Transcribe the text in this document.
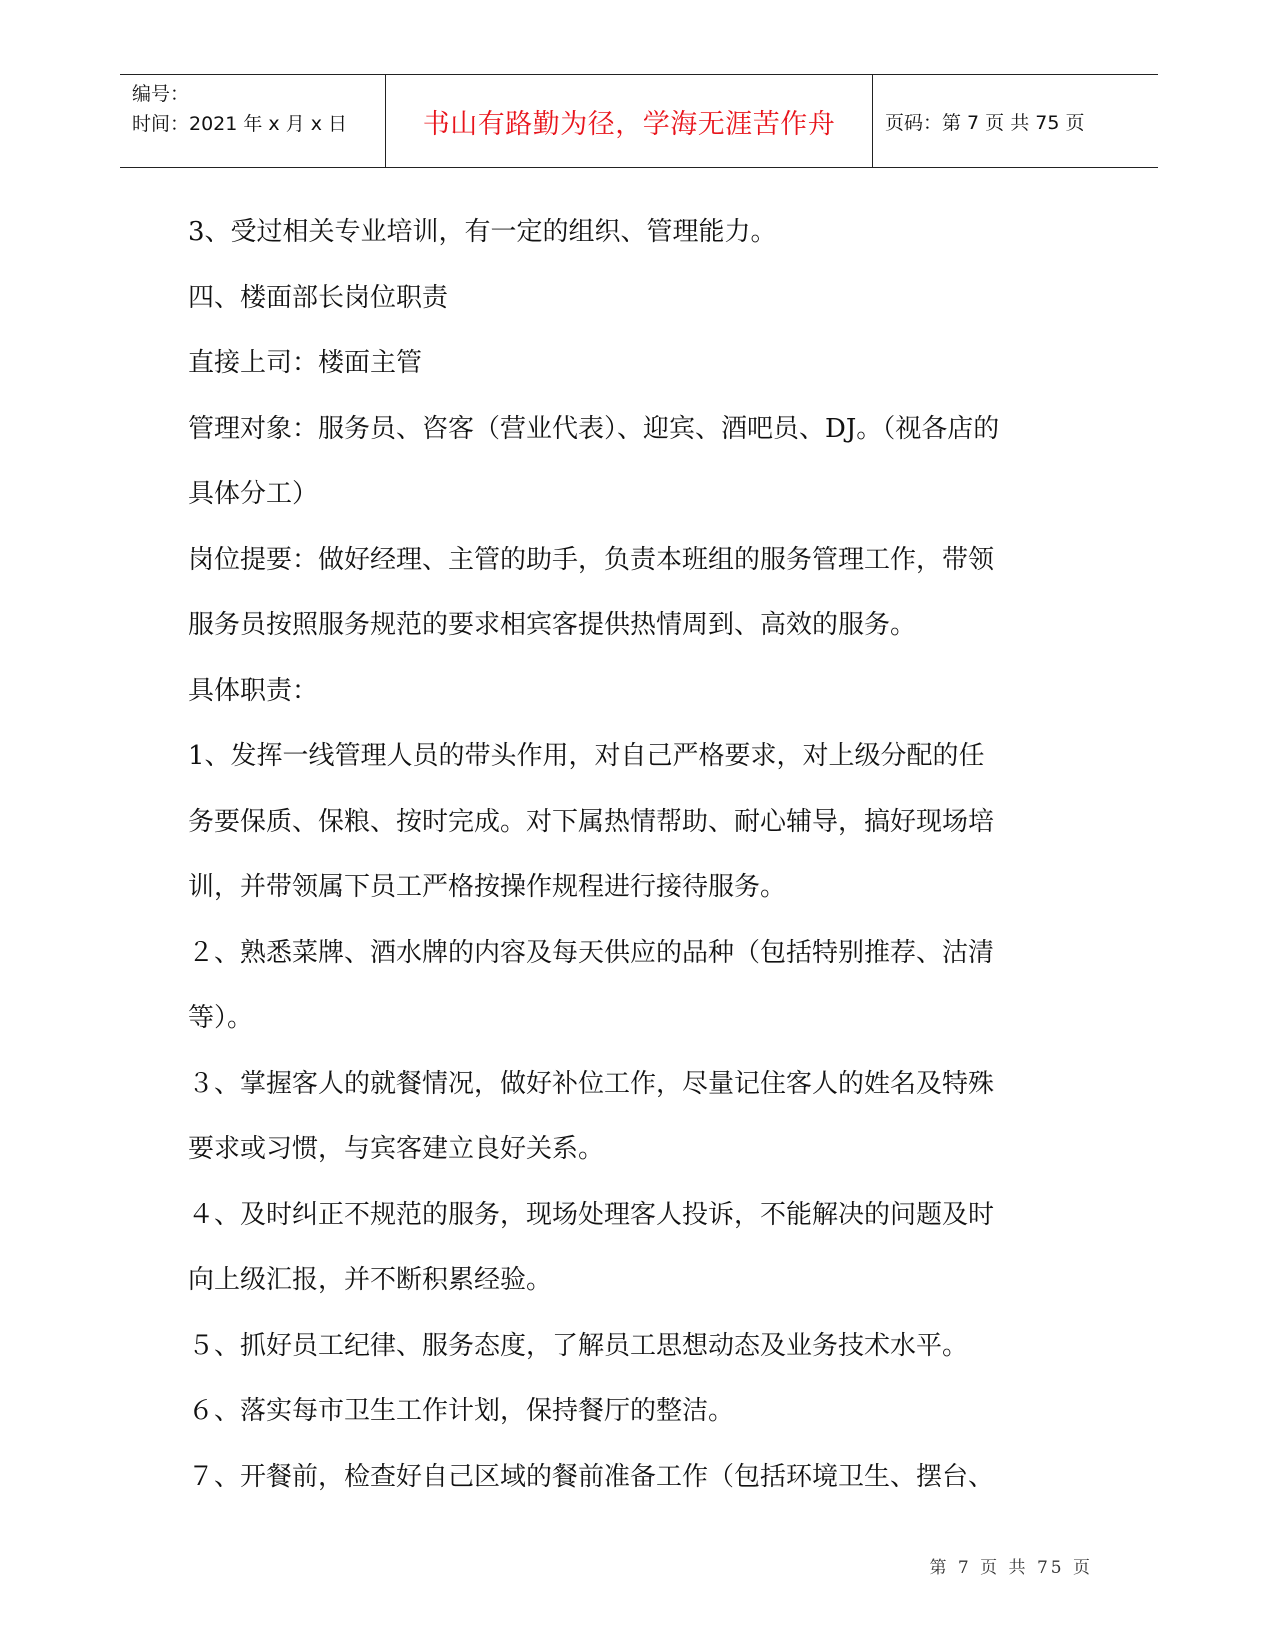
编号：
时间：2021 年 x 月 x 日	书山有路勤为径，学海无涯苦作舟	页码：第 7 页 共 75 页

3、受过相关专业培训，有一定的组织、管理能力。

四、楼面部长岗位职责

直接上司：楼面主管

管理对象：服务员、咨客（营业代表）、迎宾、酒吧员、DJ。（视各店的

具体分工）

岗位提要：做好经理、主管的助手，负责本班组的服务管理工作，带领

服务员按照服务规范的要求相宾客提供热情周到、高效的服务。

具体职责：

1、发挥一线管理人员的带头作用，对自己严格要求，对上级分配的任

务要保质、保粮、按时完成。对下属热情帮助、耐心辅导，搞好现场培

训，并带领属下员工严格按操作规程进行接待服务。

２、熟悉菜牌、酒水牌的内容及每天供应的品种（包括特别推荐、沽清

等）。

３、掌握客人的就餐情况，做好补位工作，尽量记住客人的姓名及特殊

要求或习惯，与宾客建立良好关系。

４、及时纠正不规范的服务，现场处理客人投诉，不能解决的问题及时

向上级汇报，并不断积累经验。

５、抓好员工纪律、服务态度，了解员工思想动态及业务技术水平。

６、落实每市卫生工作计划，保持餐厅的整洁。

７、开餐前，检查好自己区域的餐前准备工作（包括环境卫生、摆台、

第 7 页 共 75 页
